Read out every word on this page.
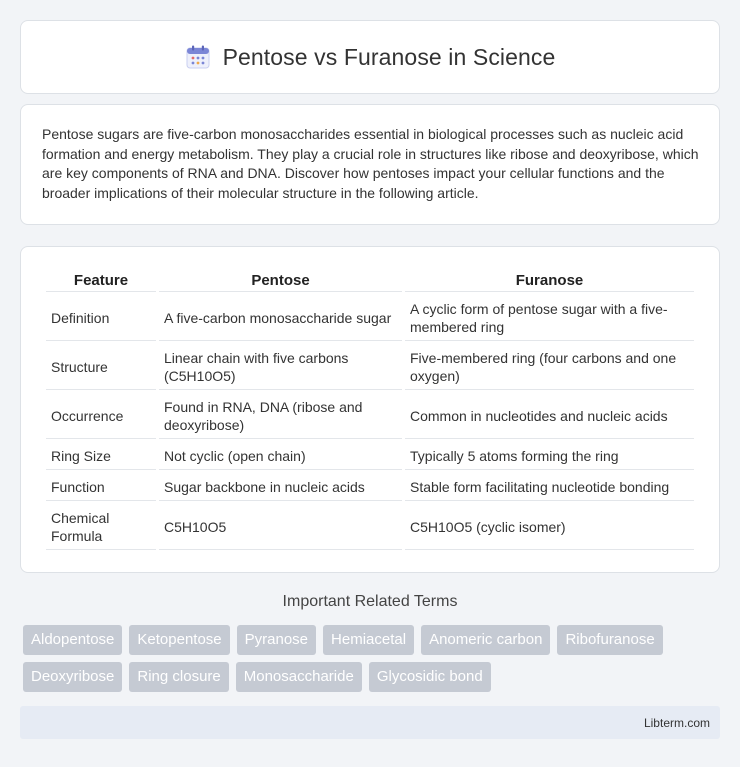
Pentose vs Furanose in Science

Pentose sugars are five-carbon monosaccharides essential in biological processes such as nucleic acid formation and energy metabolism. They play a crucial role in structures like ribose and deoxyribose, which are key components of RNA and DNA. Discover how pentoses impact your cellular functions and the broader implications of their molecular structure in the following article.

Feature	Pentose	Furanose
Definition	A five-carbon monosaccharide sugar	A cyclic form of pentose sugar with a five-membered ring
Structure	Linear chain with five carbons (C5H10O5)	Five-membered ring (four carbons and one oxygen)
Occurrence	Found in RNA, DNA (ribose and deoxyribose)	Common in nucleotides and nucleic acids
Ring Size	Not cyclic (open chain)	Typically 5 atoms forming the ring
Function	Sugar backbone in nucleic acids	Stable form facilitating nucleotide bonding
Chemical Formula	C5H10O5	C5H10O5 (cyclic isomer)
Important Related Terms
Aldopentose	Ketopentose	Pyranose	Hemiacetal	Anomeric carbon	Ribofuranose
Deoxyribose	Ring closure	Monosaccharide	Glycosidic bond
Libterm.com
